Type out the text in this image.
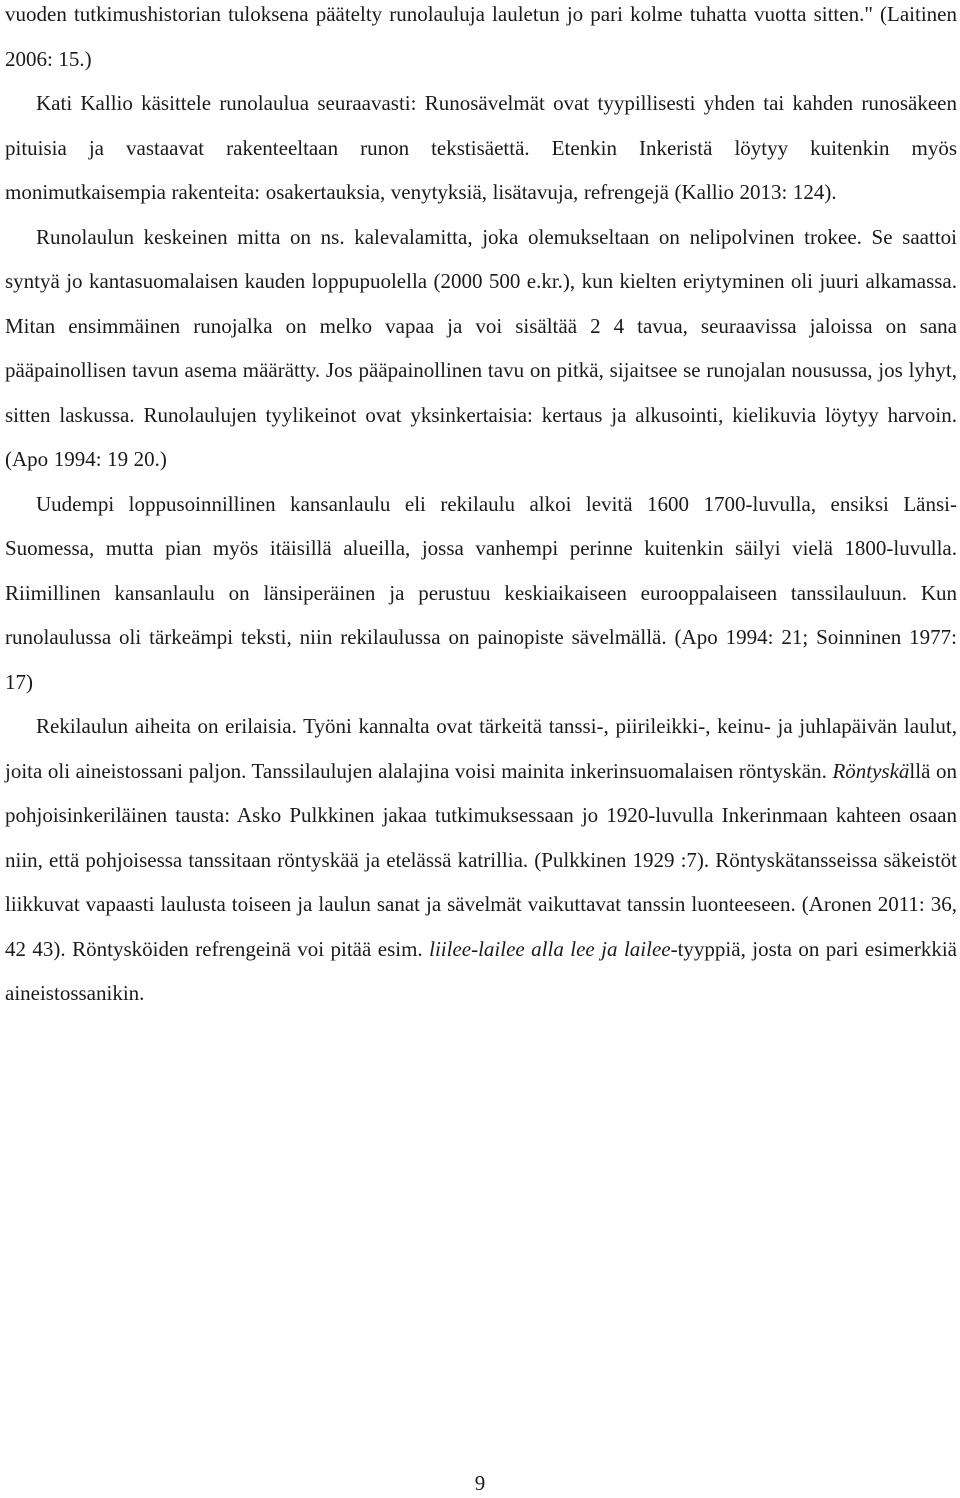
vuoden tutkimushistorian tuloksena päätelty runolauluja lauletun jo pari kolme tuhatta vuotta sitten." (Laitinen 2006: 15.)

Kati Kallio käsittele runolaulua seuraavasti: Runosävelmät ovat tyypillisesti yhden tai kahden runosäkeen pituisia ja vastaavat rakenteeltaan runon tekstisäettä. Etenkin Inkeristä löytyy kuitenkin myös monimutkaisempia rakenteita: osakertauksia, venytyksiä, lisätavuja, refrengejä (Kallio 2013: 124).

Runolaulun keskeinen mitta on ns. kalevalamitta, joka olemukseltaan on nelipolvinen trokee. Se saattoi syntyä jo kantasuomalaisen kauden loppupuolella (2000 500 e.kr.), kun kielten eriytyminen oli juuri alkamassa. Mitan ensimmäinen runojalka on melko vapaa ja voi sisältää 2 4 tavua, seuraavissa jaloissa on sana pääpainollisen tavun asema määrätty. Jos pääpainollinen tavu on pitkä, sijaitsee se runojalan nousussa, jos lyhyt, sitten laskussa. Runolaulujen tyylikeinot ovat yksinkertaisia: kertaus ja alkusointi, kielikuvia löytyy harvoin. (Apo 1994: 19 20.)

Uudempi loppusoinnillinen kansanlaulu eli rekilaulu alkoi levitä 1600 1700-luvulla, ensiksi Länsi-Suomessa, mutta pian myös itäisillä alueilla, jossa vanhempi perinne kuitenkin säilyi vielä 1800-luvulla. Riimillinen kansanlaulu on länsiperäinen ja perustuu keskiaikaiseen eurooppalaiseen tanssilauluun. Kun runolaulussa oli tärkeämpi teksti, niin rekilaulussa on painopiste sävelmällä. (Apo 1994: 21; Soinninen 1977: 17)

Rekilaulun aiheita on erilaisia. Työni kannalta ovat tärkeitä tanssi-, piirileikki-, keinu- ja juhlapäivän laulut, joita oli aineistossani paljon. Tanssilaulujen alalajina voisi mainita inkerinsuomalaisen röntyskän. Röntyskällä on pohjoisinkeriläinen tausta: Asko Pulkkinen jakaa tutkimuksessaan jo 1920-luvulla Inkerinmaan kahteen osaan niin, että pohjoisessa tanssitaan röntyskää ja etelässä katrillia. (Pulkkinen 1929 :7). Röntyskätansseissa säkeistöt liikkuvat vapaasti laulusta toiseen ja laulun sanat ja sävelmät vaikuttavat tanssin luonteeseen. (Aronen 2011: 36, 42 43). Röntysköiden refrengeinä voi pitää esim. liilee-lailee alla lee ja lailee-tyyppiä, josta on pari esimerkkiä aineistossanikin.

9
